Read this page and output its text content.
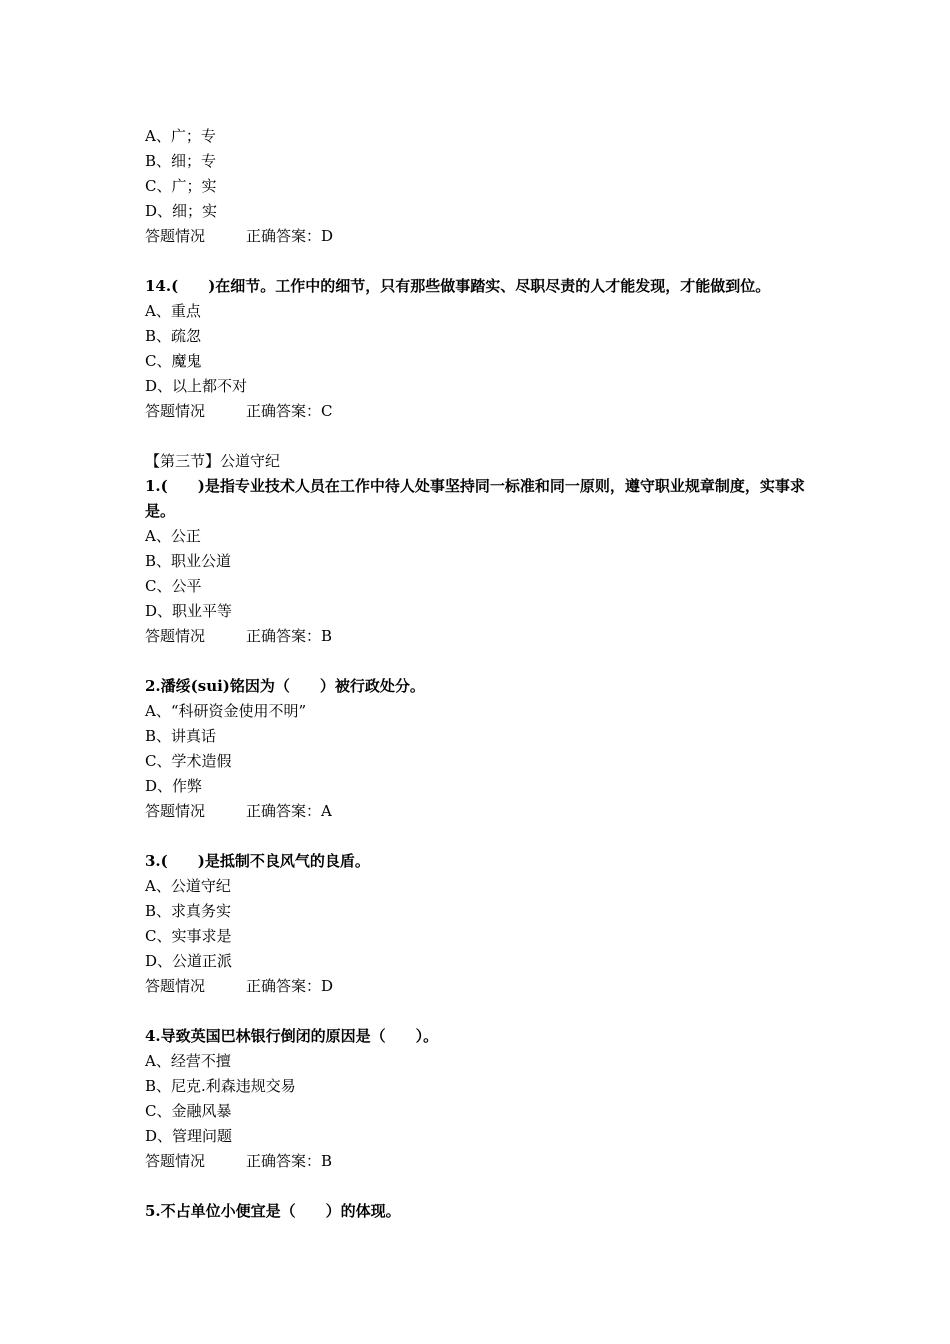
A、广；专
B、细；专
C、广；实
D、细；实
答题情况	正确答案：D
14.(　　)在细节。工作中的细节，只有那些做事踏实、尽职尽责的人才能发现，才能做到位。
A、重点
B、疏忽
C、魔鬼
D、以上都不对
答题情况	正确答案：C
【第三节】公道守纪
1.(　　)是指专业技术人员在工作中待人处事坚持同一标准和同一原则，遵守职业规章制度，实事求是。
A、公正
B、职业公道
C、公平
D、职业平等
答题情况	正确答案：B
2.潘绥(sui)铭因为（　　）被行政处分。
A、“科研资金使用不明”
B、讲真话
C、学术造假
D、作弊
答题情况	正确答案：A
3.(　　)是抵制不良风气的良盾。
A、公道守纪
B、求真务实
C、实事求是
D、公道正派
答题情况	正确答案：D
4.导致英国巴林银行倒闭的原因是（　　）。
A、经营不擅
B、尼克.利森违规交易
C、金融风暴
D、管理问题
答题情况	正确答案：B
5.不占单位小便宜是（　　）的体现。
